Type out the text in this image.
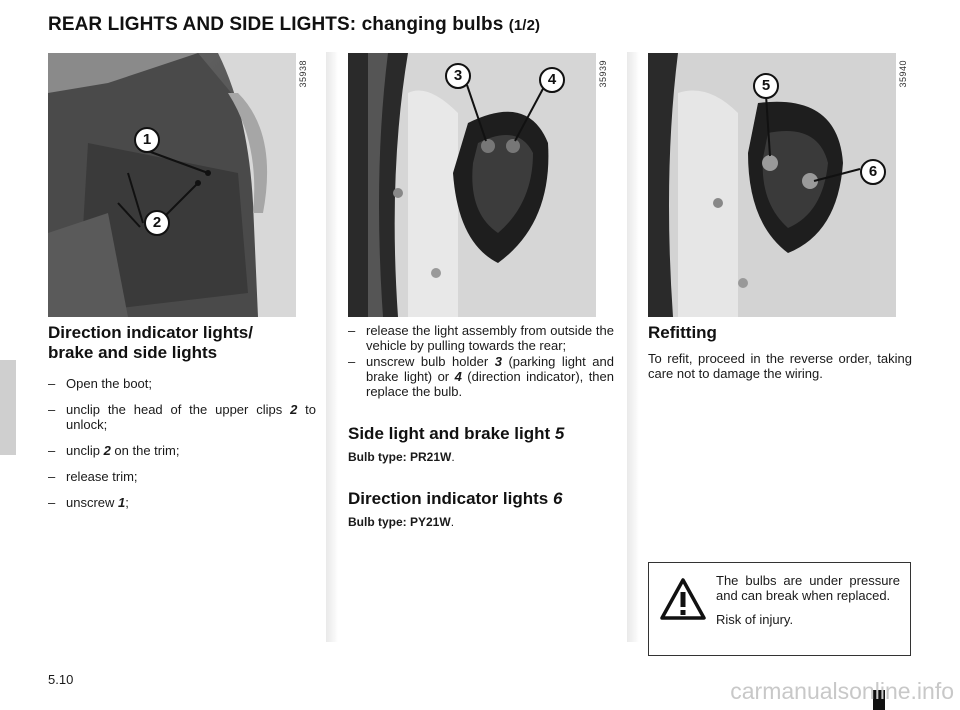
REAR LIGHTS AND SIDE LIGHTS: changing bulbs (1/2)
35938
1
2
35939
3	4	35940
5
6
Direction indicator lights/
brake and side lights
– Open the boot;
– unclip the head of the upper clips 2 to unlock;
– unclip 2 on the trim;
– release trim;
– unscrew 1;
– release the light assembly from outside the vehicle by pulling towards the rear;
– unscrew bulb holder 3 (parking light and brake light) or 4 (direction indicator), then replace the bulb.
Side light and brake light 5
Bulb type: PR21W.
Direction indicator lights 6
Bulb type: PY21W.
Refitting
To refit, proceed in the reverse order, taking care not to damage the wiring.
The bulbs are under pressure and can break when replaced.
Risk of injury.
5.10	carmanualsonline.info
